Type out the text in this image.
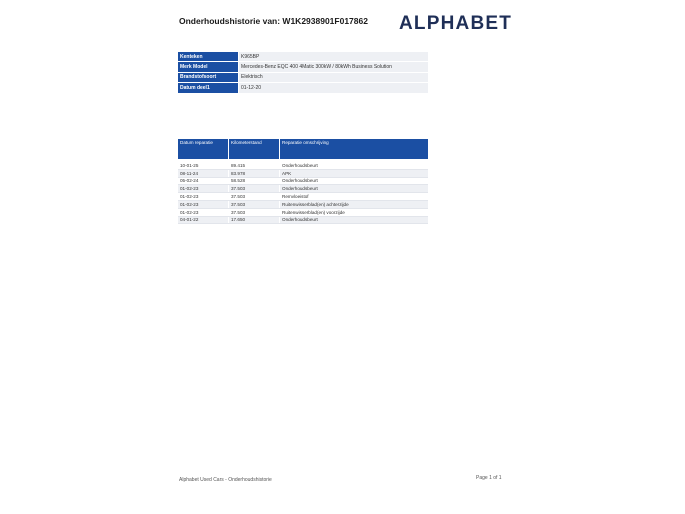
Onderhoudshistorie van: W1K2938901F017862 ALPHABET
Kenteken	K965BP
Merk Model	Mercedes-Benz EQC 400 4Matic 300kW / 80kWh Business Solution
Brandstofsoort	Elektrisch
Datum deel1	01-12-20
Datum reparatie	Kilometerstand	Reparatie omschrijving

10-01-25	89.415	Onderhoudsbeurt
08-11-24	83.978	APK
05-02-24	58.528	Onderhoudsbeurt
01-02-23	37.503	Onderhoudsbeurt
01-02-23	37.503	Remvloeistof
01-02-23	37.503	Ruitenwisserblad(en) achterzijde
01-02-23	37.503	Ruitenwisserblad(en) voorzijde
04-01-22	17.650	Onderhoudsbeurt
Alphabet Used Cars - Onderhoudshistorie	Page 1 of 1
